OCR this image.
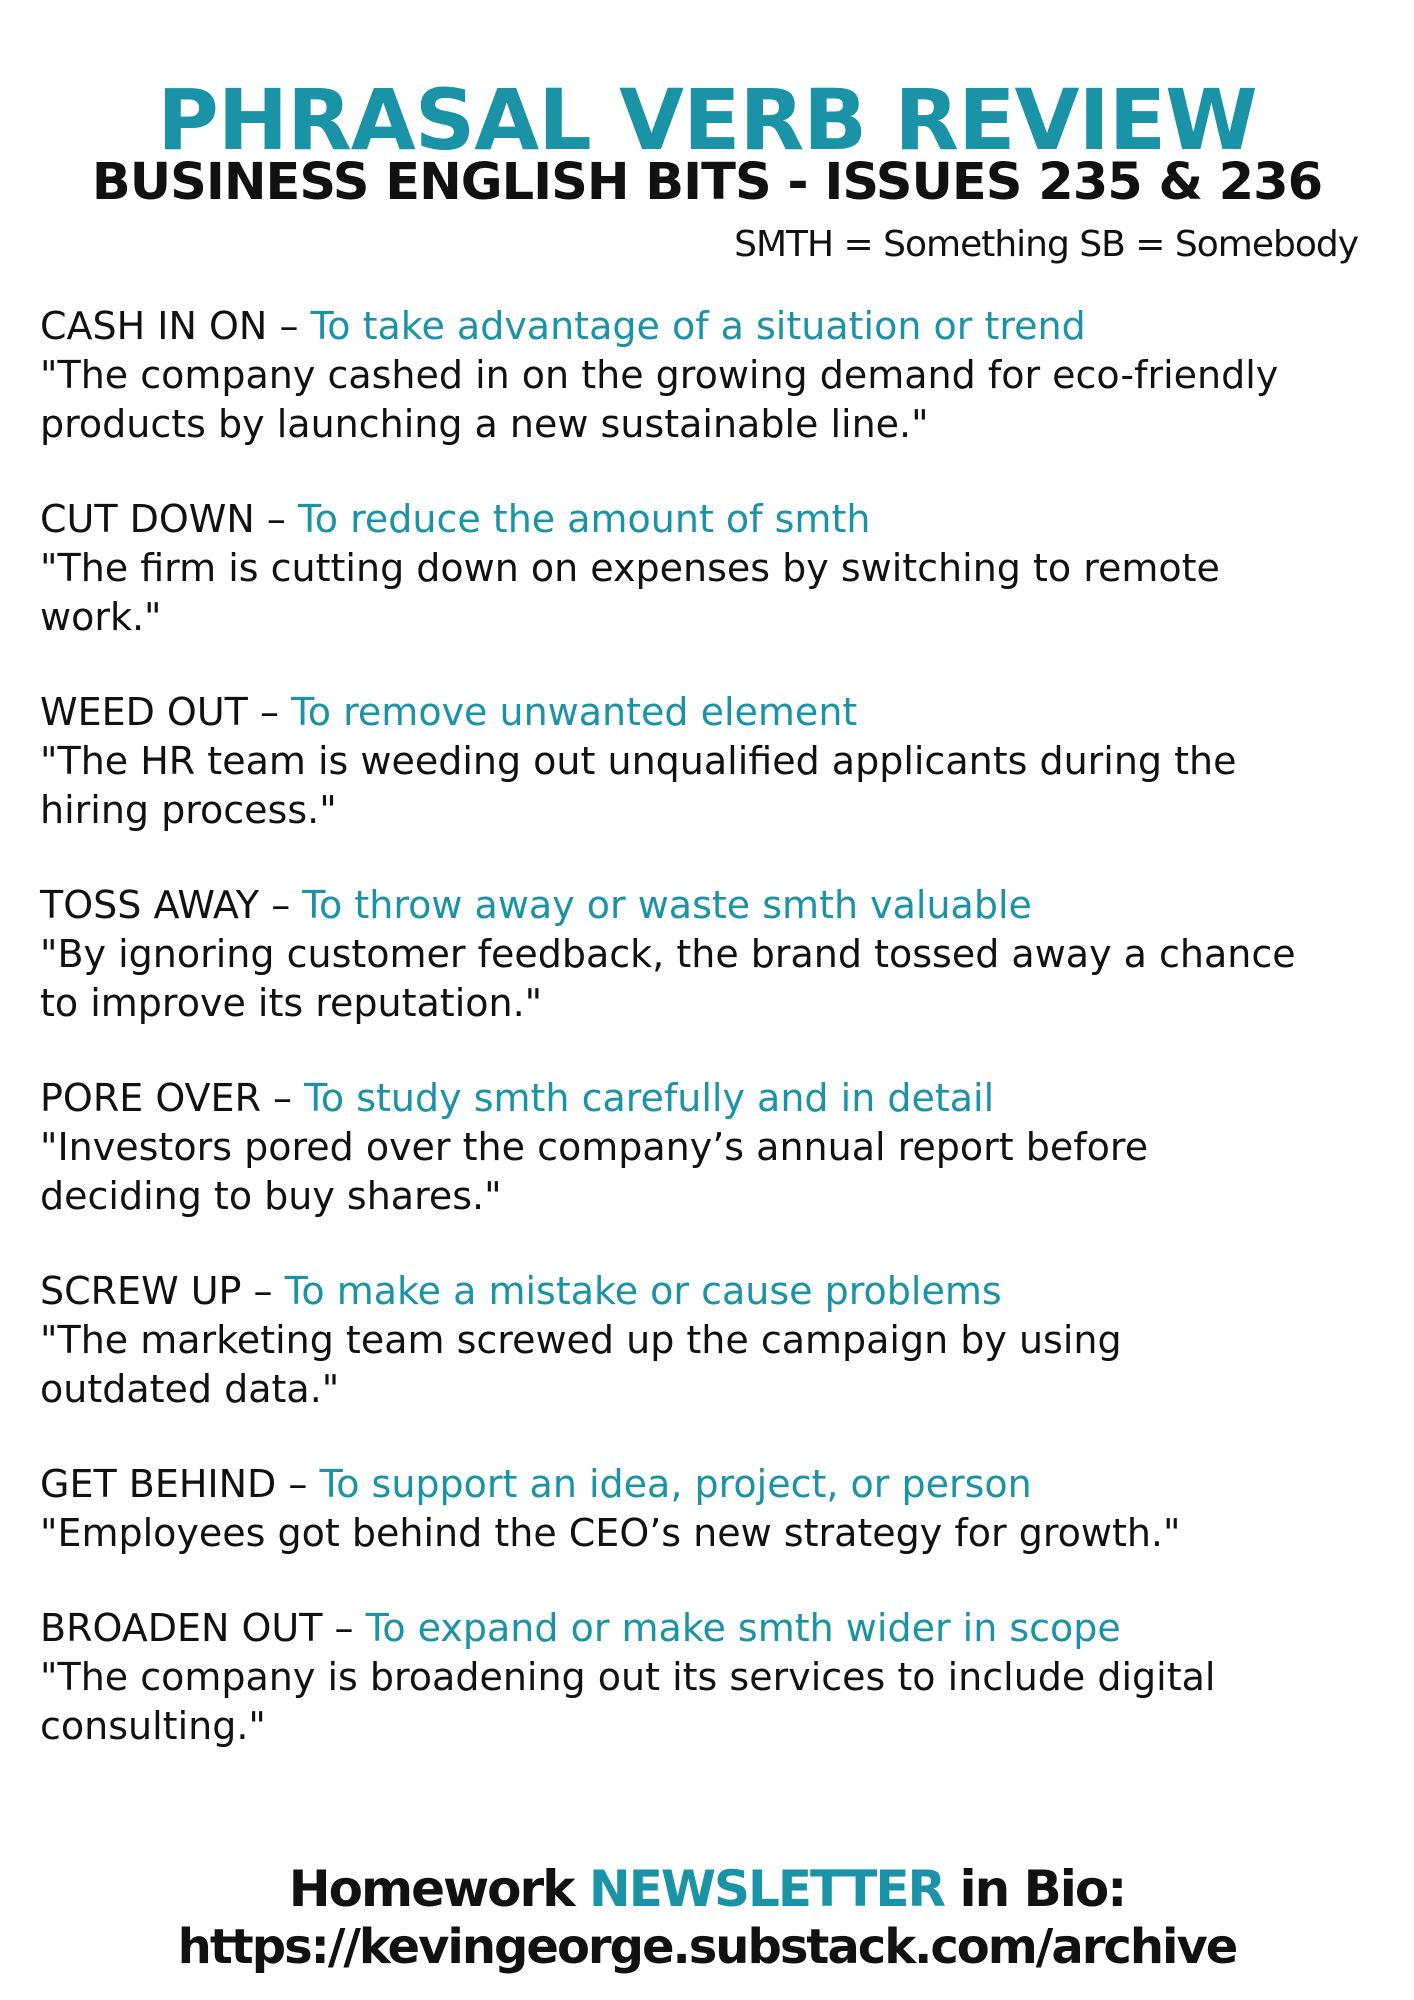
PHRASAL VERB REVIEW
BUSINESS ENGLISH BITS - ISSUES 235 & 236
SMTH = Something SB = Somebody

CASH IN ON – To take advantage of a situation or trend

"The company cashed in on the growing demand for eco-friendly

products by launching a new sustainable line."

CUT DOWN – To reduce the amount of smth

"The firm is cutting down on expenses by switching to remote

work."

WEED OUT – To remove unwanted element

"The HR team is weeding out unqualified applicants during the

hiring process."

TOSS AWAY – To throw away or waste smth valuable

"By ignoring customer feedback, the brand tossed away a chance

to improve its reputation."

PORE OVER – To study smth carefully and in detail

"Investors pored over the company’s annual report before

deciding to buy shares."

SCREW UP – To make a mistake or cause problems

"The marketing team screwed up the campaign by using

outdated data."

GET BEHIND – To support an idea, project, or person

"Employees got behind the CEO’s new strategy for growth."

BROADEN OUT – To expand or make smth wider in scope

"The company is broadening out its services to include digital

consulting."

Homework NEWSLETTER in Bio:
https://kevingeorge.substack.com/archive
